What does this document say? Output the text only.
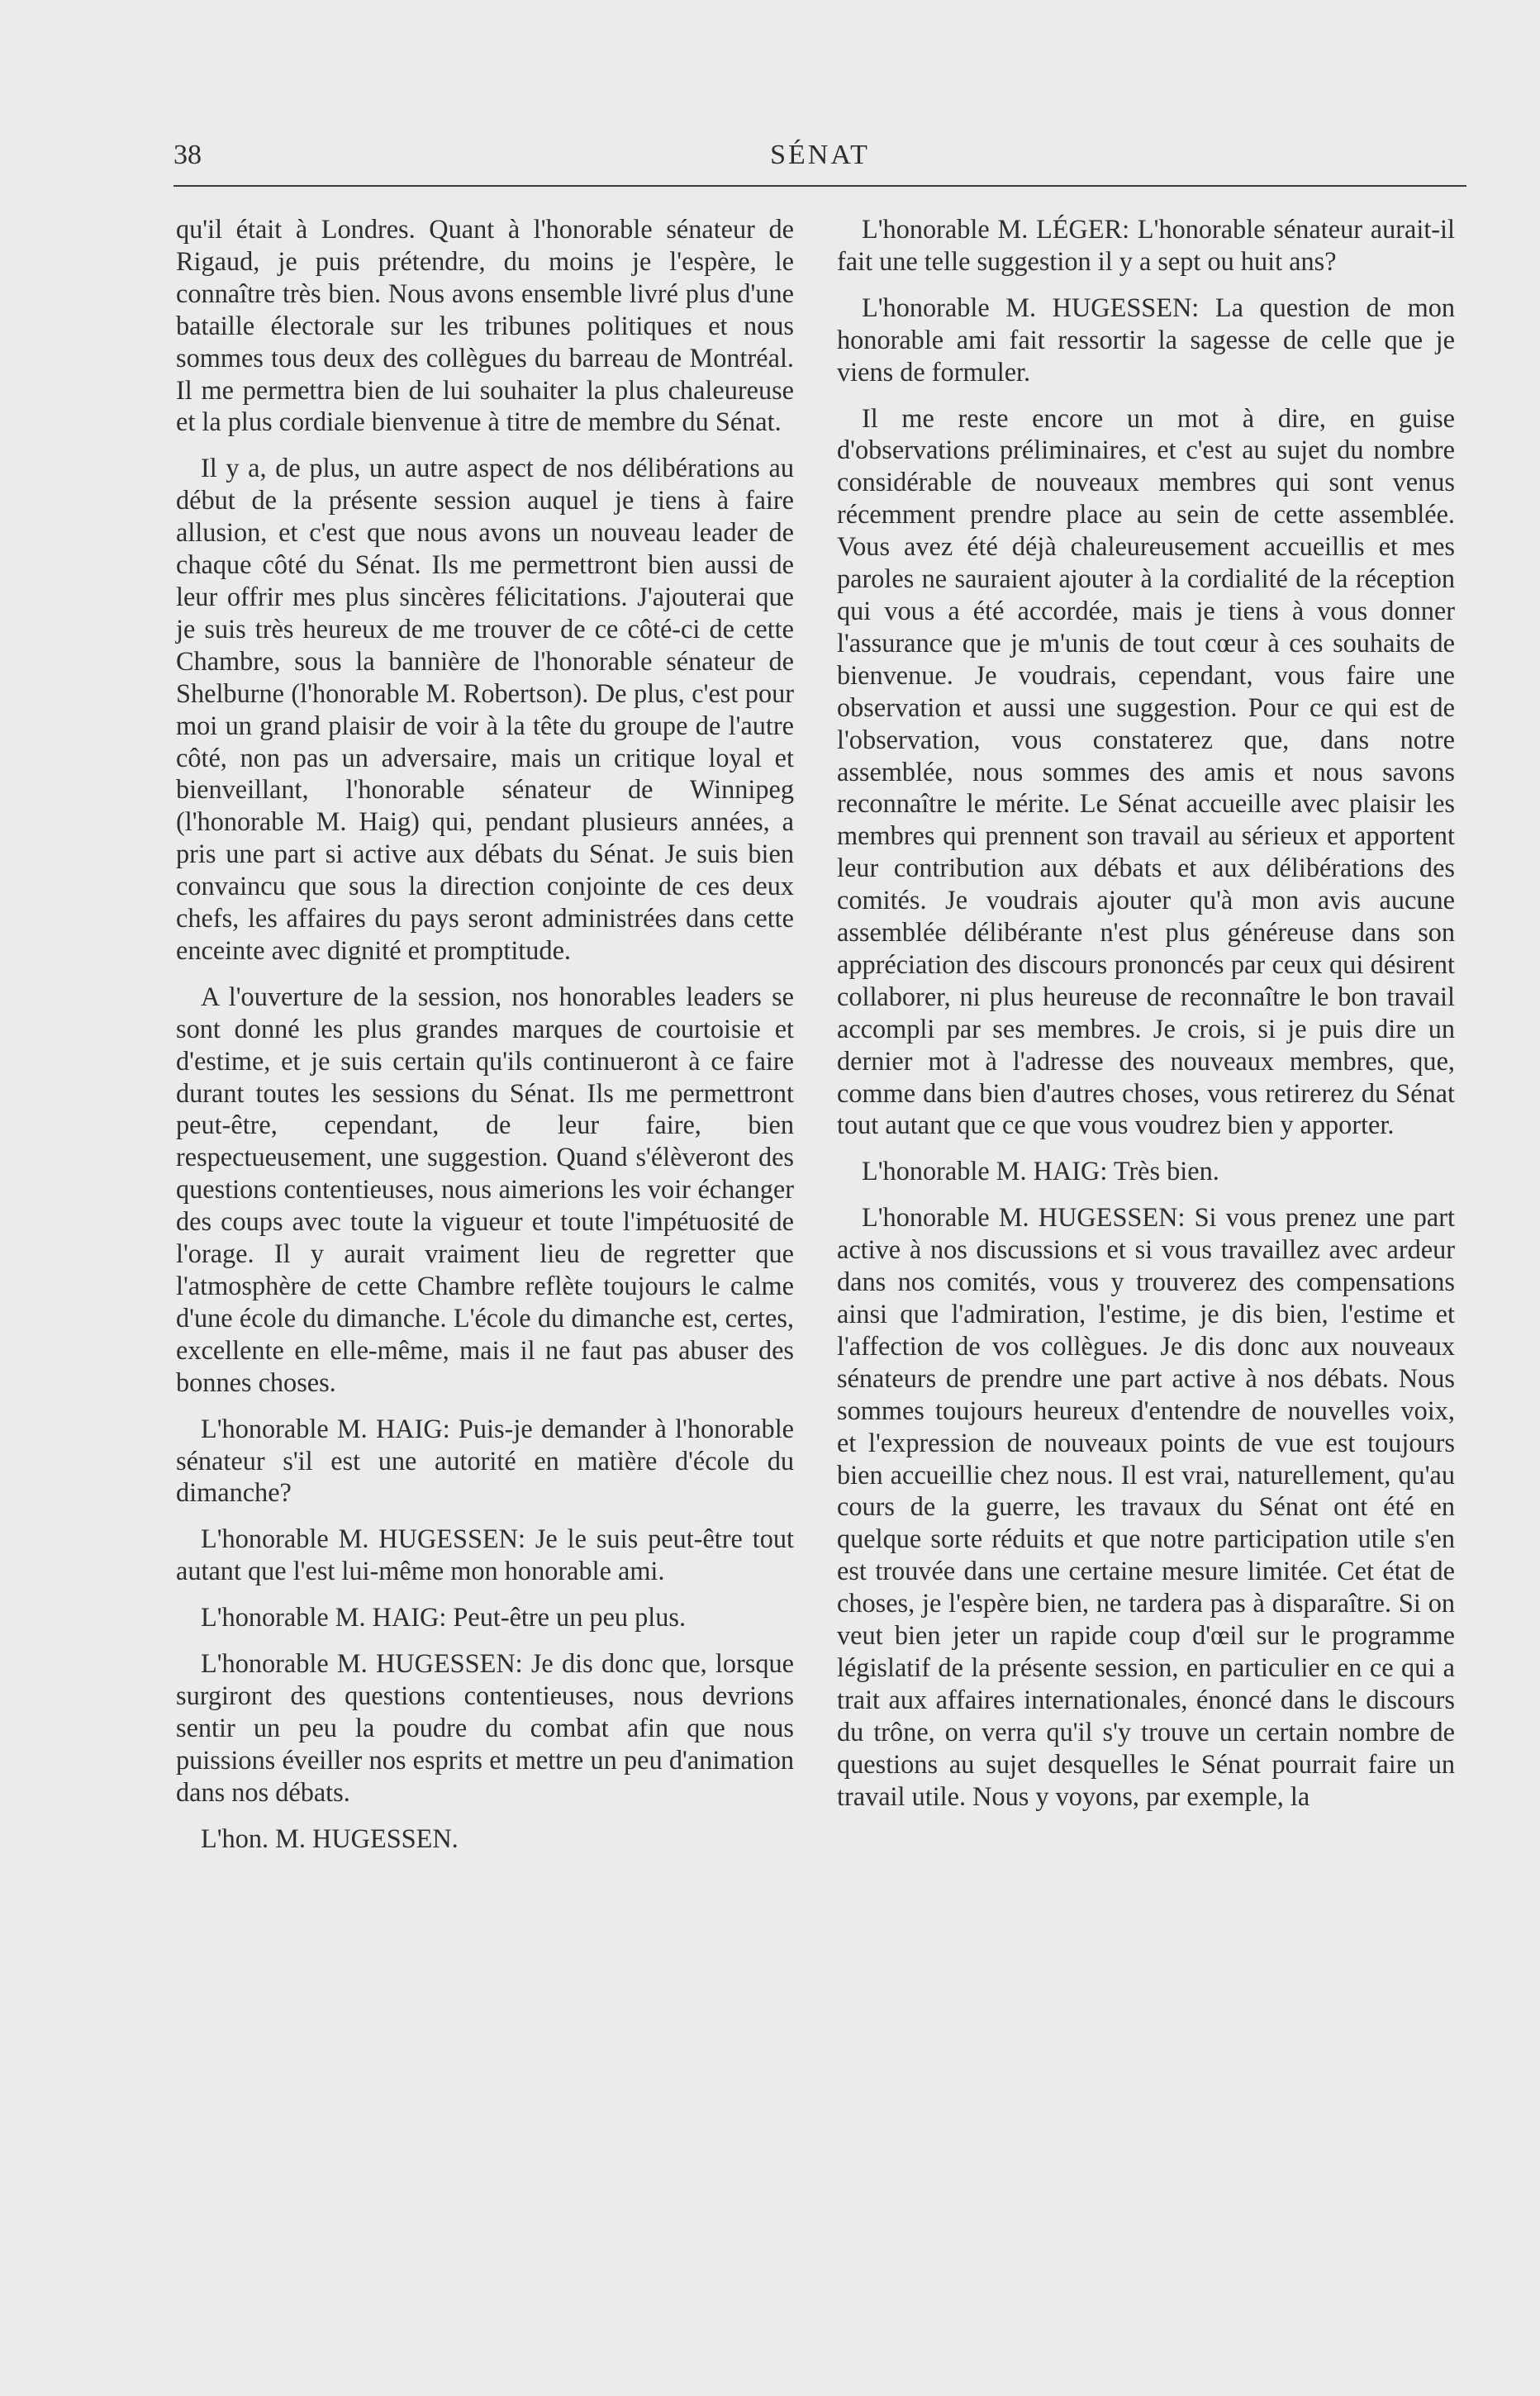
38	SÉNAT

qu'il était à Londres. Quant à l'honorable sénateur de Rigaud, je puis prétendre, du moins je l'espère, le connaître très bien. Nous avons ensemble livré plus d'une bataille électorale sur les tribunes politiques et nous sommes tous deux des collègues du barreau de Montréal. Il me permettra bien de lui souhaiter la plus chaleureuse et la plus cordiale bienvenue à titre de membre du Sénat.

Il y a, de plus, un autre aspect de nos délibérations au début de la présente session auquel je tiens à faire allusion, et c'est que nous avons un nouveau leader de chaque côté du Sénat. Ils me permettront bien aussi de leur offrir mes plus sincères félicitations. J'ajouterai que je suis très heureux de me trouver de ce côté-ci de cette Chambre, sous la bannière de l'honorable sénateur de Shelburne (l'honorable M. Robertson). De plus, c'est pour moi un grand plaisir de voir à la tête du groupe de l'autre côté, non pas un adversaire, mais un critique loyal et bienveillant, l'honorable sénateur de Winnipeg (l'honorable M. Haig) qui, pendant plusieurs années, a pris une part si active aux débats du Sénat. Je suis bien convaincu que sous la direction conjointe de ces deux chefs, les affaires du pays seront administrées dans cette enceinte avec dignité et promptitude.

A l'ouverture de la session, nos honorables leaders se sont donné les plus grandes marques de courtoisie et d'estime, et je suis certain qu'ils continueront à ce faire durant toutes les sessions du Sénat. Ils me permettront peut-être, cependant, de leur faire, bien respectueusement, une suggestion. Quand s'élèveront des questions contentieuses, nous aimerions les voir échanger des coups avec toute la vigueur et toute l'impétuosité de l'orage. Il y aurait vraiment lieu de regretter que l'atmosphère de cette Chambre reflète toujours le calme d'une école du dimanche. L'école du dimanche est, certes, excellente en elle-même, mais il ne faut pas abuser des bonnes choses.

L'honorable M. HAIG: Puis-je demander à l'honorable sénateur s'il est une autorité en matière d'école du dimanche?

L'honorable M. HUGESSEN: Je le suis peut-être tout autant que l'est lui-même mon honorable ami.

L'honorable M. HAIG: Peut-être un peu plus.

L'honorable M. HUGESSEN: Je dis donc que, lorsque surgiront des questions contentieuses, nous devrions sentir un peu la poudre du combat afin que nous puissions éveiller nos esprits et mettre un peu d'animation dans nos débats.

L'hon. M. HUGESSEN.

L'honorable M. LÉGER: L'honorable sénateur aurait-il fait une telle suggestion il y a sept ou huit ans?

L'honorable M. HUGESSEN: La question de mon honorable ami fait ressortir la sagesse de celle que je viens de formuler.

Il me reste encore un mot à dire, en guise d'observations préliminaires, et c'est au sujet du nombre considérable de nouveaux membres qui sont venus récemment prendre place au sein de cette assemblée. Vous avez été déjà chaleureusement accueillis et mes paroles ne sauraient ajouter à la cordialité de la réception qui vous a été accordée, mais je tiens à vous donner l'assurance que je m'unis de tout cœur à ces souhaits de bienvenue. Je voudrais, cependant, vous faire une observation et aussi une suggestion. Pour ce qui est de l'observation, vous constaterez que, dans notre assemblée, nous sommes des amis et nous savons reconnaître le mérite. Le Sénat accueille avec plaisir les membres qui prennent son travail au sérieux et apportent leur contribution aux débats et aux délibérations des comités. Je voudrais ajouter qu'à mon avis aucune assemblée délibérante n'est plus généreuse dans son appréciation des discours prononcés par ceux qui désirent collaborer, ni plus heureuse de reconnaître le bon travail accompli par ses membres. Je crois, si je puis dire un dernier mot à l'adresse des nouveaux membres, que, comme dans bien d'autres choses, vous retirerez du Sénat tout autant que ce que vous voudrez bien y apporter.

L'honorable M. HAIG: Très bien.

L'honorable M. HUGESSEN: Si vous prenez une part active à nos discussions et si vous travaillez avec ardeur dans nos comités, vous y trouverez des compensations ainsi que l'admiration, l'estime, je dis bien, l'estime et l'affection de vos collègues. Je dis donc aux nouveaux sénateurs de prendre une part active à nos débats. Nous sommes toujours heureux d'entendre de nouvelles voix, et l'expression de nouveaux points de vue est toujours bien accueillie chez nous. Il est vrai, naturellement, qu'au cours de la guerre, les travaux du Sénat ont été en quelque sorte réduits et que notre participation utile s'en est trouvée dans une certaine mesure limitée. Cet état de choses, je l'espère bien, ne tardera pas à disparaître. Si on veut bien jeter un rapide coup d'œil sur le programme législatif de la présente session, en particulier en ce qui a trait aux affaires internationales, énoncé dans le discours du trône, on verra qu'il s'y trouve un certain nombre de questions au sujet desquelles le Sénat pourrait faire un travail utile. Nous y voyons, par exemple, la
